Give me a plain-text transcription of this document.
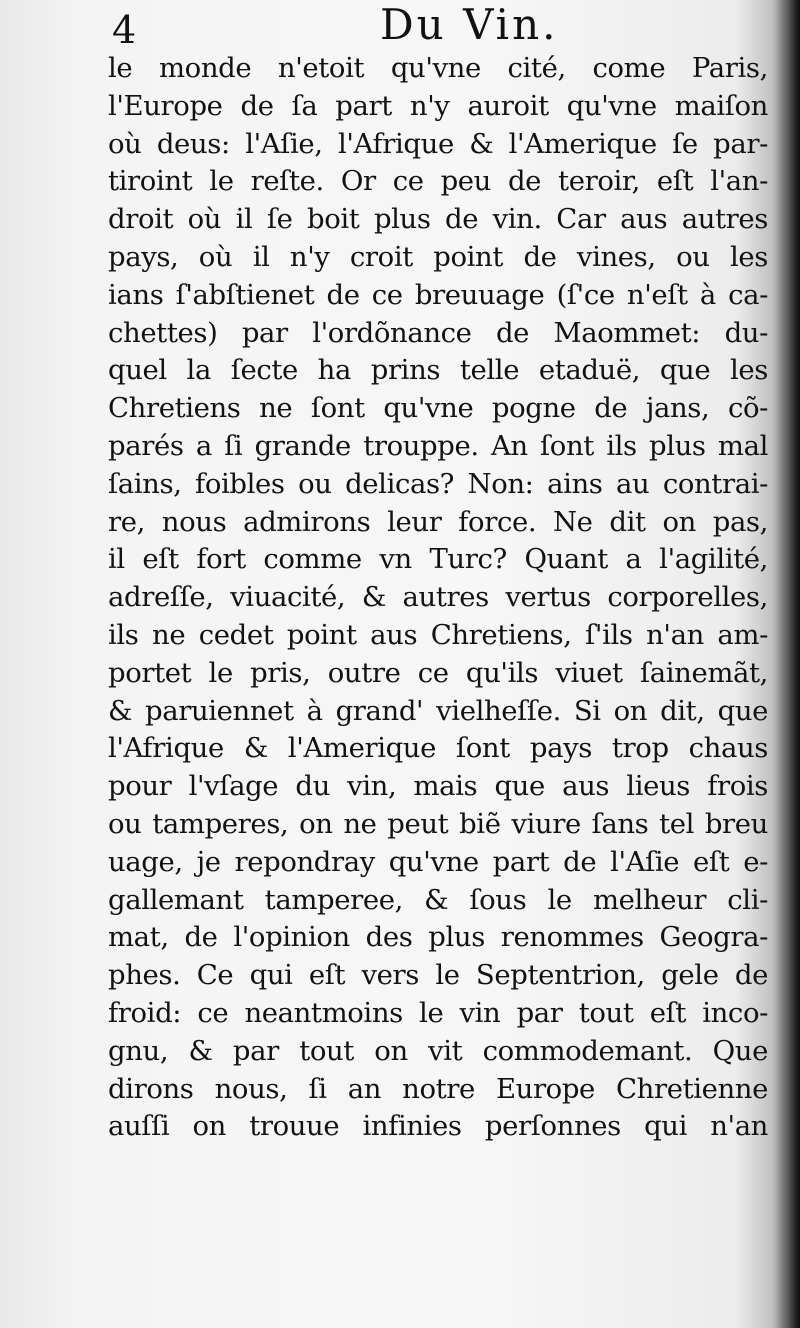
4	Du Vin.
le monde n'etoit qu'vne cité, come Paris,
l'Europe de ſa part n'y auroit qu'vne maiſon
où deus: l'Aſie, l'Afrique & l'Amerique ſe par-
tiroint le reſte. Or ce peu de teroir, eſt l'an-
droit où il ſe boit plus de vin. Car aus autres
pays, où il n'y croit point de vines, ou les
ians ſ'abſtienet de ce breuuage (ſ'ce n'eſt à ca-
chettes) par l'ordõnance de Maommet: du-
quel la ſecte ha prins telle etaduë, que les
Chretiens ne ſont qu'vne pogne de jans, cõ-
parés a ſi grande trouppe. An ſont ils plus mal
ſains, foibles ou delicas? Non: ains au contrai-
re, nous admirons leur force. Ne dit on pas,
il eſt fort comme vn Turc? Quant a l'agilité,
adreſſe, viuacité, & autres vertus corporelles,
ils ne cedet point aus Chretiens, ſ'ils n'an am-
portet le pris, outre ce qu'ils viuet ſainemãt,
& paruiennet à grand' vielheſſe. Si on dit, que
l'Afrique & l'Amerique ſont pays trop chaus
pour l'vſage du vin, mais que aus lieus frois
ou tamperes, on ne peut biẽ viure ſans tel breu
uage, je repondray qu'vne part de l'Aſie eſt e-
gallemant tamperee, & ſous le melheur cli-
mat, de l'opinion des plus renommes Geogra-
phes. Ce qui eſt vers le Septentrion, gele de
froid: ce neantmoins le vin par tout eſt inco-
gnu, & par tout on vit commodemant. Que
dirons nous, ſi an notre Europe Chretienne
auſſi on trouue infinies perſonnes qui n'an
